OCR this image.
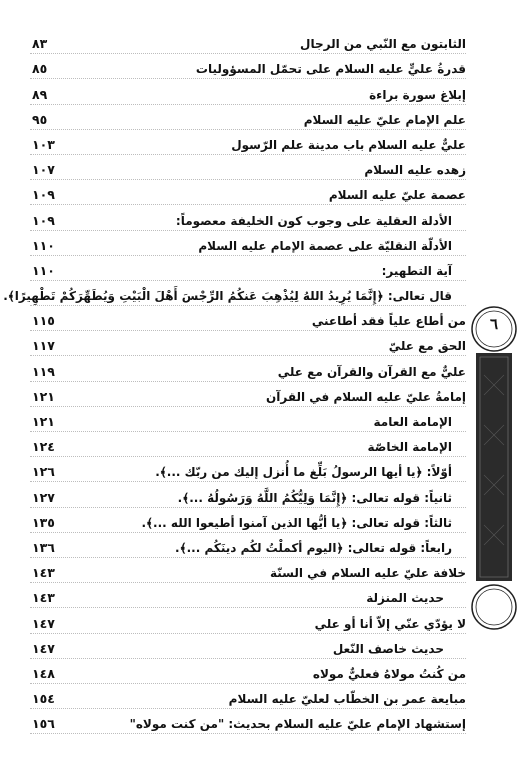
الثابتون مع النّبي من الرجال
٨٣
قدرةُ عليٍّ عليه السلام على تحمّل المسؤوليات
٨٥
إبلاغ سورة براءة
٨٩
علم الإمام عليّ عليه السلام
٩٥
عليٌّ عليه السلام باب مدينة علم الرّسول
١٠٣
زهده عليه السلام
١٠٧
عصمة عليّ عليه السلام
١٠٩
الأدلة العقلية على وجوب كون الخليفة معصوماً:
١٠٩
الأدلّة النقليّة على عصمة الإمام عليه السلام
١١٠
آية التطهير:
١١٠
قال تعالى: ﴿إِنَّمَا يُرِيدُ اللهُ لِيُذْهِبَ عَنكُمُ الرِّجْسَ أَهْلَ الْبَيْتِ وَيُطَهِّرَكُمْ تَطْهِيرًا﴾.
من أطاع علياً فقد أطاعني
١١٥
الحق مع عليّ
١١٧
عليٌّ مع القرآن والقرآن مع علي
١١٩
إمامةُ عليّ عليه السلام في القرآن
١٢١
الإمامة العامة
١٢١
الإمامة الخاصّة
١٢٤
أوّلاً: ﴿يا أيها الرسولُ بَلِّغ ما أُنزل إليك من ربّك ...﴾.
١٢٦
ثانياً: قوله تعالى: ﴿إِنَّمَا وَلِيُّكُمُ اللَّهُ وَرَسُولُهُ ...﴾.
١٢٧
ثالثاً: قوله تعالى: ﴿يا أيُّها الذين آمنوا أطيعوا الله ...﴾.
١٣٥
رابعاً: قوله تعالى: ﴿اليوم أكملْتُ لكُم دينَكُم ...﴾.
١٣٦
خلافة عليّ عليه السلام في السنّة
١٤٣
حديث المنزلة
١٤٣
لا يؤدّي عنّي إلاّ أنا أو علي
١٤٧
حديث خاصف النّعل
١٤٧
من كُنتُ مولاهُ فعليٌّ مولاه
١٤٨
مبايعة عمر بن الخطّاب لعليّ عليه السلام
١٥٤
إستشهاد الإمام عليّ عليه السلام بحديث: "من كنت مولاه"
١٥٦
٦
